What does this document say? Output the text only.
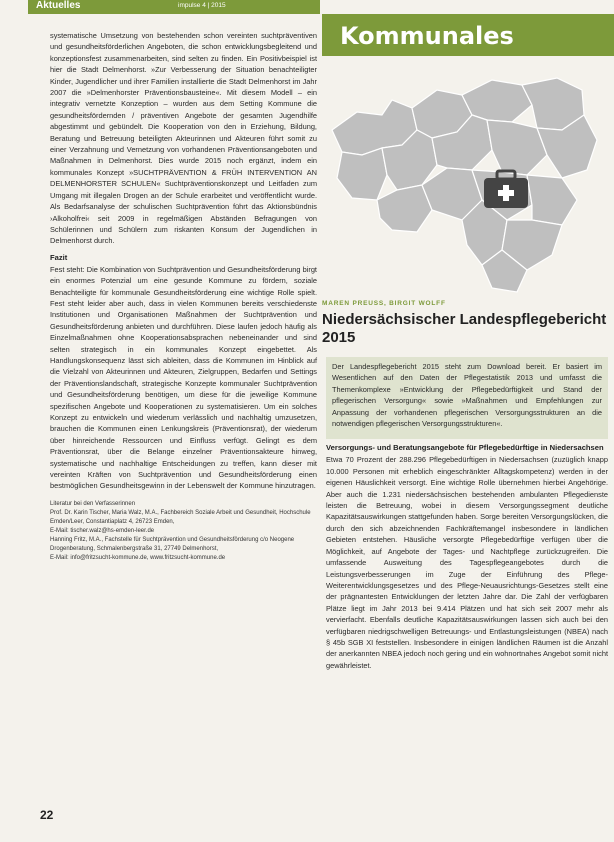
Aktuelles	impulse 4 | 2015
Kommunales

systematische Umsetzung von bestehenden schon vereinten suchtpräventiven und gesundheitsförderlichen Angeboten, die schon entwicklungsbegleitend und konzeptionsfest zusammenarbeiten, sind selten zu finden. Ein Positivbeispiel ist hier die Stadt Delmenhorst. »Zur Verbesserung der Situation benachteiligter Kinder, Jugendlicher und ihrer Familien installierte die Stadt Delmenhorst im Jahr 2007 die »Delmenhorster Präventionsbausteine«. Mit diesem Modell – ein integrativ vernetzte Konzeption – wurden aus dem Setting Kommune die gesundheitsfördernden / präventiven Angebote der gesamten Jugendhilfe abgestimmt und gebündelt. Die Kooperation von den in Erziehung, Bildung, Beratung und Betreuung beteiligten Akteurinnen und Akteuren führt somit zu einer Verzahnung und Vernetzung von vorhandenen Präventionsangeboten und Maßnahmen in Delmenhorst. Dies wurde 2015 noch ergänzt, indem ein kommunales Konzept »SUCHTPRÄVENTION & FRÜH INTERVENTION AN DELMENHORSTER SCHULEN« Suchtpräventionskonzept und Leitfaden zum Umgang mit illegalen Drogen an der Schule erarbeitet und veröffentlicht wurde. Als Bedarfsanalyse der schulischen Suchtprävention führt das Aktionsbündnis ›Alkoholfrei‹ seit 2009 in regelmäßigen Abständen Befragungen von Schülerinnen und Schülern zum riskanten Konsum der Jugendlichen in Delmenhorst durch.

Fazit

Fest steht: Die Kombination von Suchtprävention und Gesundheitsförderung birgt ein enormes Potenzial um eine gesunde Kommune zu fördern, soziale Benachteiligte für kommunale Gesundheitsförderung eine wichtige Rolle spielt. Fest steht leider aber auch, dass in vielen Kommunen bereits verschiedenste Institutionen und Organisationen Maßnahmen der Suchtprävention und Gesundheitsförderung anbieten und durchführen. Diese laufen jedoch häufig als Einzelmaßnahmen ohne Kooperationsabsprachen nebeneinander und sind selten strategisch in ein kommunales Konzept eingebettet. Als Handlungskonsequenz lässt sich ableiten, dass die Kommunen im Hinblick auf die Vielzahl von Akteurinnen und Akteuren, Zielgruppen, Bedarfen und Settings der Präventionslandschaft, strategische Konzepte kommunaler Suchtprävention und Gesundheitsförderung benötigen, um diese für die jeweilige Kommune spezifischen Angebote und Kooperationen zu systematisieren. Um ein solches Konzept zu entwickeln und wiederum verlässlich und nachhaltig umzusetzen, brauchen die Kommunen einen Lenkungskreis (Präventionsrat), der wiederum über hinreichende Ressourcen und Einfluss verfügt. Gelingt es dem Präventionsrat, über die Belange einzelner Präventionsakteure hinweg, systematische und nachhaltige Entscheidungen zu treffen, kann dieser mit vereinten Kräften von Suchtprävention und Gesundheitsförderung einen bestmöglichen Gesundheitsgewinn in der Lebenswelt der Kommune hinzutragen.

Literatur bei den Verfasserinnen
Prof. Dr. Karin Tischer, Maria Walz, M.A., Fachbereich Soziale Arbeit und Gesundheit, Hochschule Emden/Leer, Constantiaplatz 4, 26723 Emden,
E-Mail: tischer.walz@hs-emden-leer.de
Hanning Fritz, M.A., Fachstelle für Suchtprävention und Gesundheitsförderung c/o Neogene Drogenberatung, Schmalenbergstraße 31, 27749 Delmenhorst,
E-Mail: info@fritzsucht-kommune.de, www.fritzsucht-kommune.de
22
MAREN PREUSS, BIRGIT WOLFF
Niedersächsischer Landespflegebericht 2015

Der Landespflegebericht 2015 steht zum Download bereit. Er basiert im Wesentlichen auf den Daten der Pflegestatistik 2013 und umfasst die Themenkomplexe »Entwicklung der Pflegebedürftigkeit und Stand der pflegerischen Versorgung« sowie »Maßnahmen und Empfehlungen zur Anpassung der vorhandenen pflegerischen Versorgungsstrukturen an die notwendigen pflegerischen Versorgungsstrukturen«.

Versorgungs- und Beratungsangebote für Pflegebedürftige in Niedersachsen

Etwa 70 Prozent der 288.296 Pflegebedürftigen in Niedersachsen (zuzüglich knapp 10.000 Personen mit erheblich eingeschränkter Alltagskompetenz) werden in der eigenen Häuslichkeit versorgt. Eine wichtige Rolle übernehmen hierbei Angehörige. Aber auch die 1.231 niedersächsischen bestehenden ambulanten Pflegedienste leisten die Betreuung, wobei in diesem Versorgungssegment deutliche Kapazitätsauswirkungen stattgefunden haben. Sorge bereiten Versorgungslücken, die durch den sich abzeichnenden Fachkräftemangel insbesondere in ländlichen Gebieten entstehen. Häusliche versorgte Pflegebedürftige verfügen über die Möglichkeit, auf Angebote der Tages- und Nachtpflege zurückzugreifen. Die umfassende Ausweitung des Tagespflegeangebotes durch die Leistungsverbesserungen im Zuge der Einführung des Pflege-Weiterentwicklungsgesetzes und des Pflege-Neuausrichtungs-Gesetzes stellt eine der prägnantesten Entwicklungen der letzten Jahre dar. Die Zahl der verfügbaren Plätze liegt im Jahr 2013 bei 9.414 Plätzen und hat sich seit 2007 mehr als vervierfacht. Ebenfalls deutliche Kapazitätsauswirkungen lassen sich auch bei den verfügbaren niedrigschwelligen Betreuungs- und Entlastungsleistungen (NBEA) nach § 45b SGB XI feststellen. Insbesondere in einigen ländlichen Räumen ist die Anzahl der anerkannten NBEA jedoch noch gering und ein wohnortnahes Angebot somit nicht gewährleistet.
